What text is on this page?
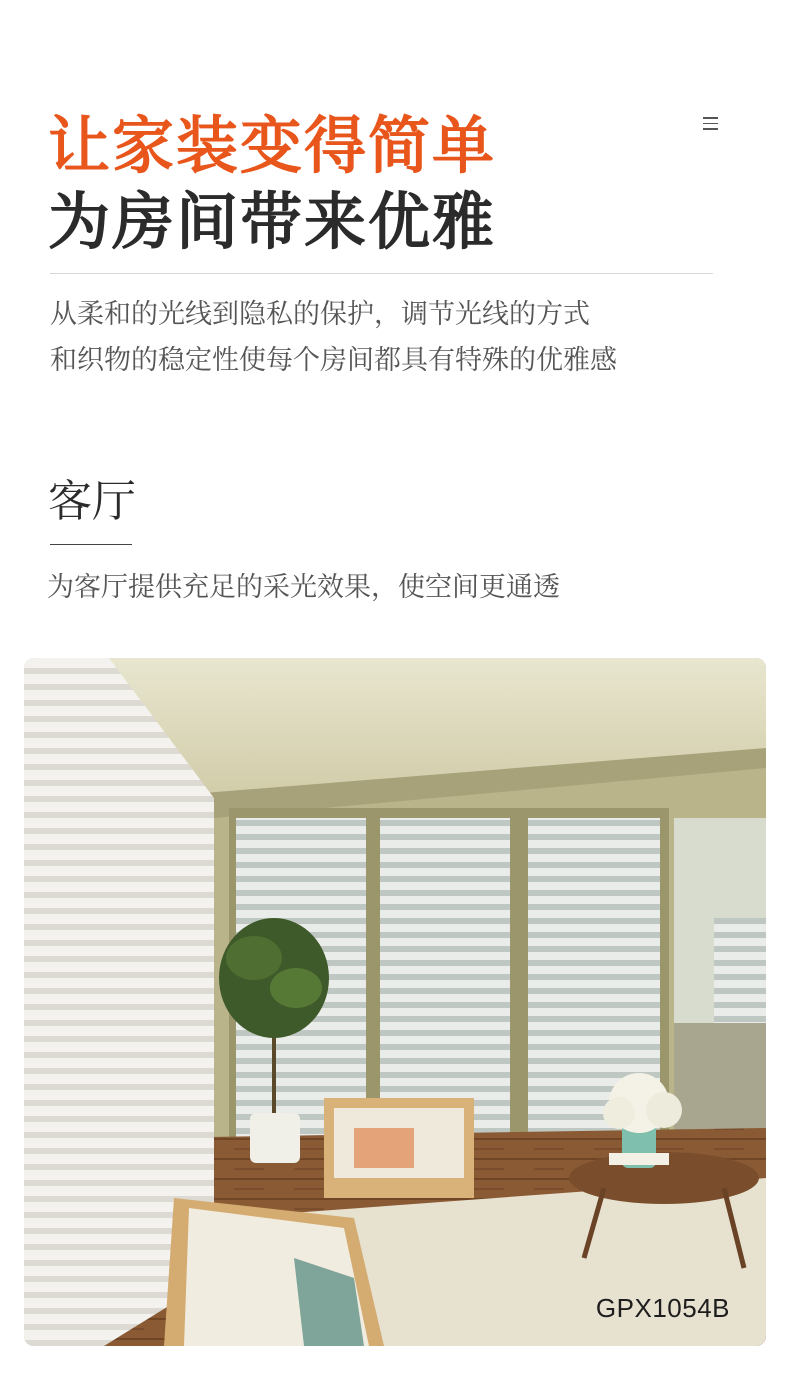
让家装变得简单
为房间带来优雅
从柔和的光线到隐私的保护，调节光线的方式
和织物的稳定性使每个房间都具有特殊的优雅感
客厅
为客厅提供充足的采光效果，使空间更通透
GPX1054B
